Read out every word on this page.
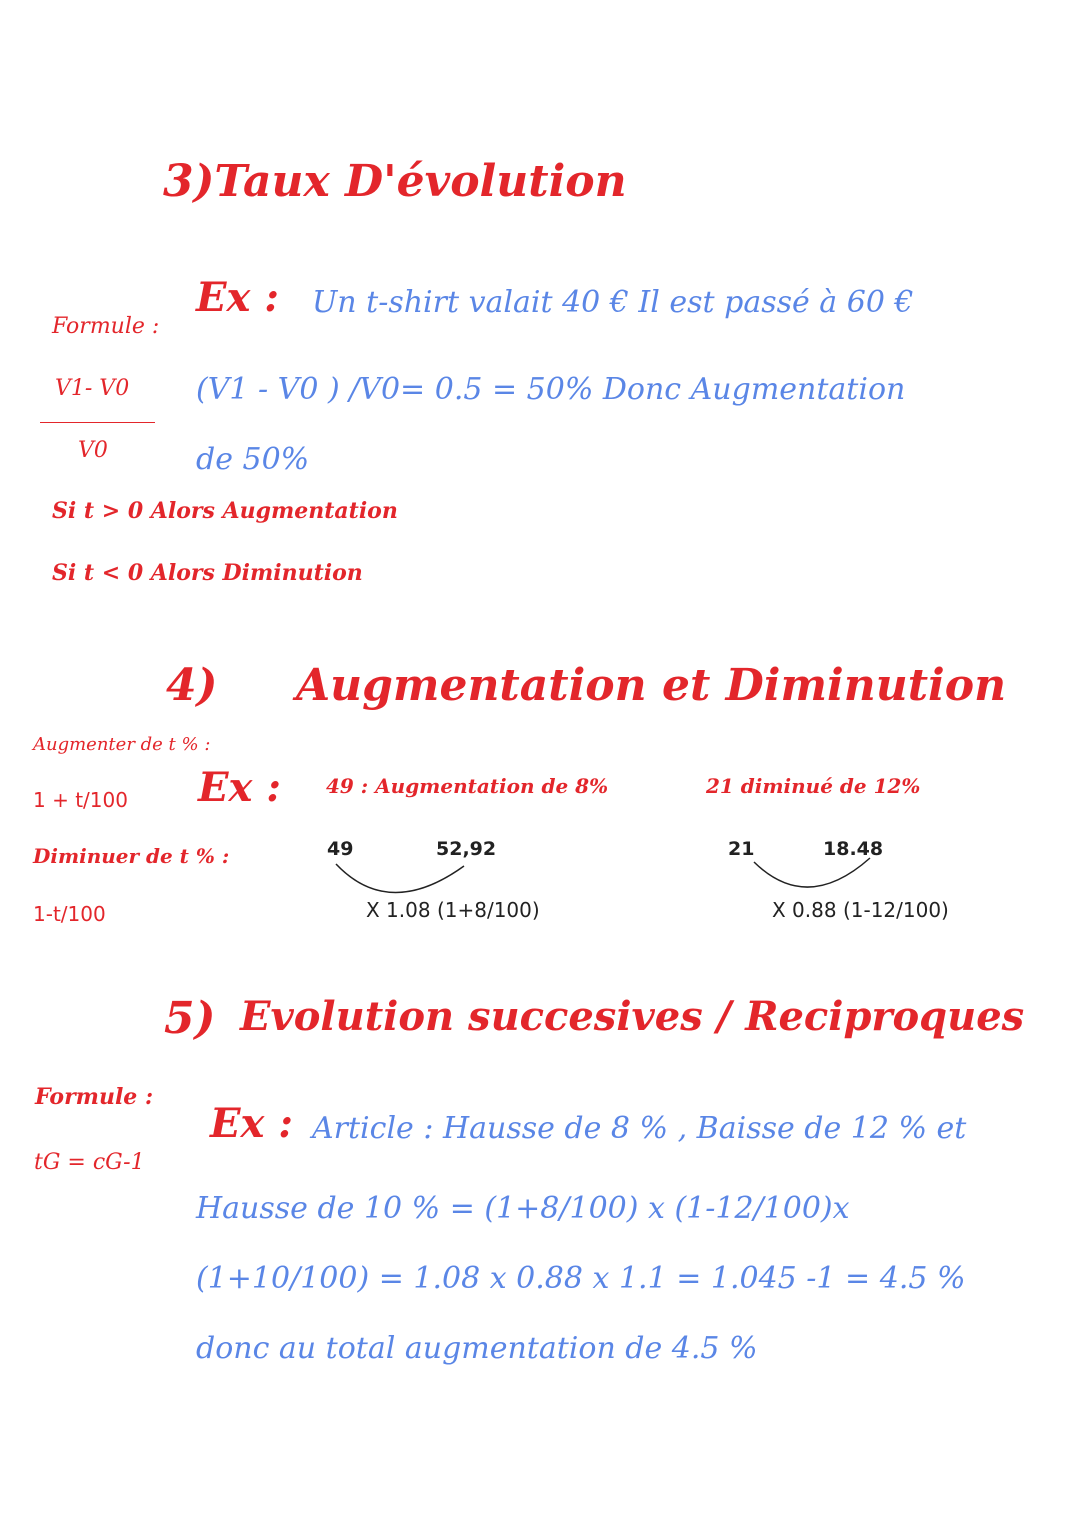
3)Taux D'évolution
Ex : Un t-shirt valait 40 € Il est passé à 60 €
Formule :
V1- V0
V0
(V1 - V0 ) /V0= 0.5 = 50% Donc Augmentation
de 50%
Si t > 0 Alors Augmentation
Si t < 0 Alors Diminution
4) Augmentation et Diminution
Augmenter de t % :
1 + t/100 Ex : 49 : Augmentation de 8%	21 diminué de 12%
Diminuer de t % :
1-t/100
49	52,92
X 1.08 (1+8/100)
21	18.48
X 0.88 (1-12/100)
5) Evolution succesives / Reciproques
Formule :
tG = cG-1
Ex : Article : Hausse de 8 % , Baisse de 12 % et
Hausse de 10 % = (1+8/100) x (1-12/100)x
(1+10/100) = 1.08 x 0.88 x 1.1 = 1.045 -1 = 4.5 %
donc au total augmentation de 4.5 %
